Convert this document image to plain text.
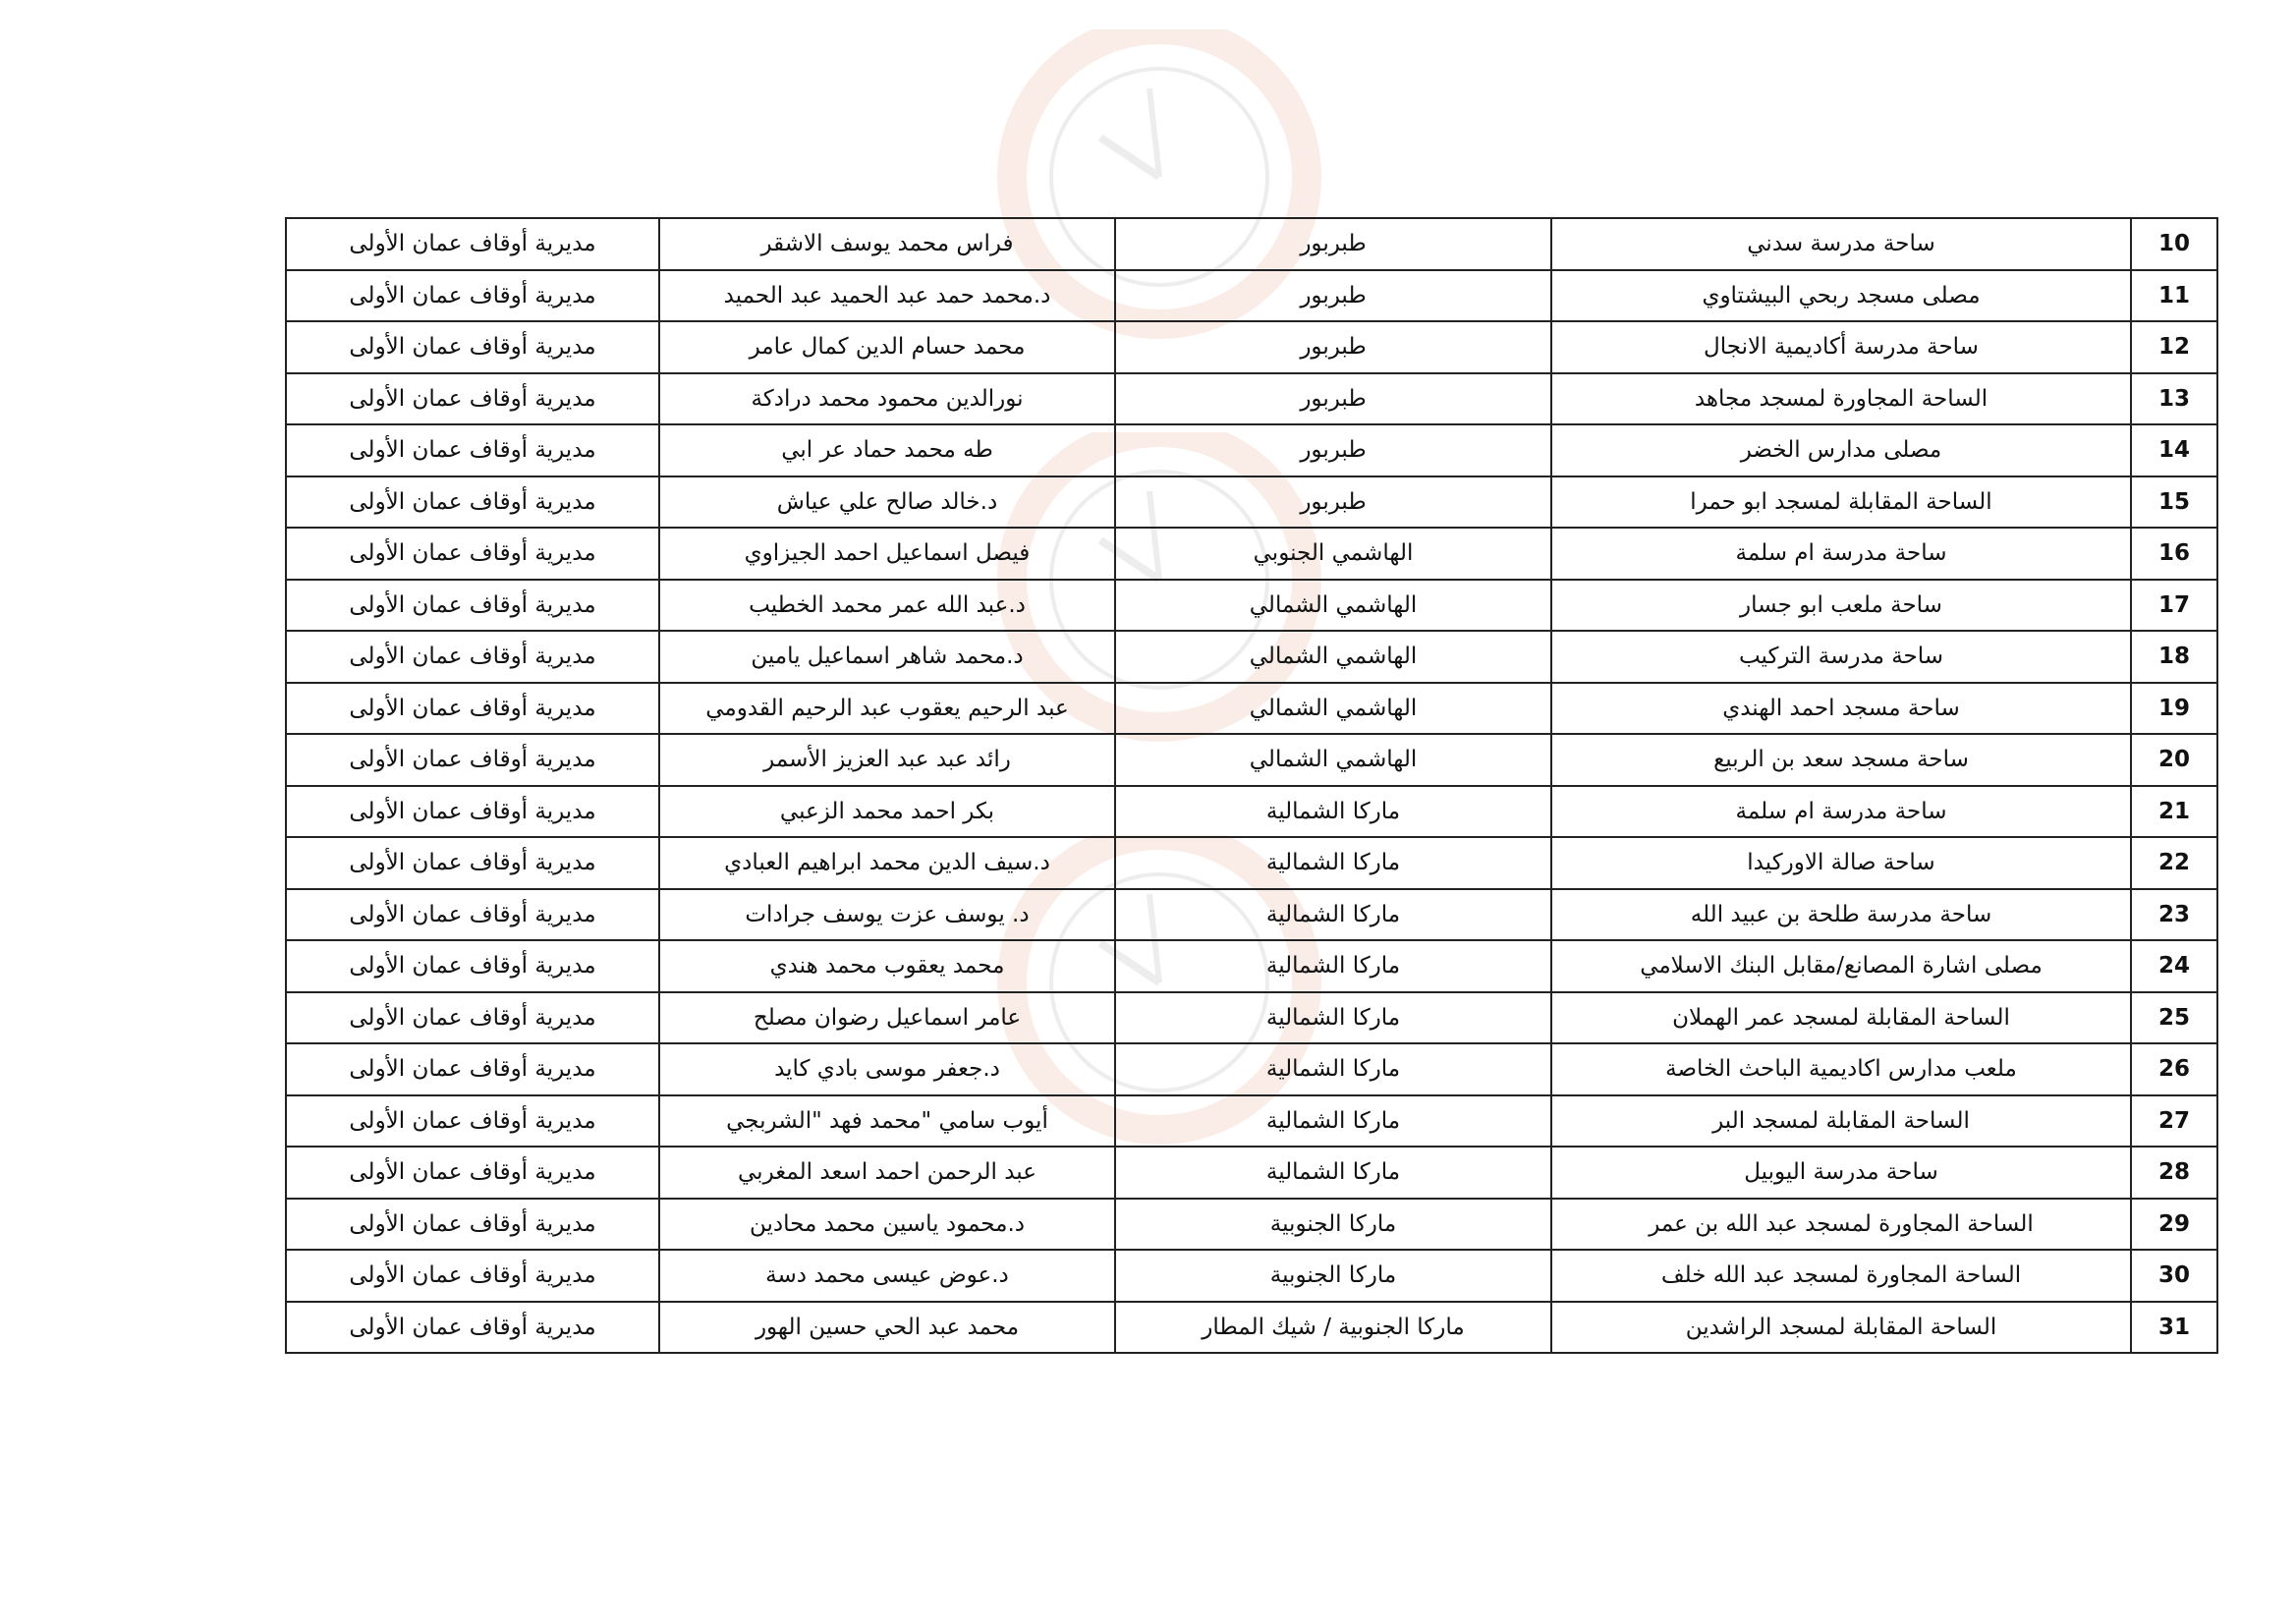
10	ساحة مدرسة سدني	طبربور	فراس محمد يوسف الاشقر	مديرية أوقاف عمان الأولى
11	مصلى مسجد ربحي البيشتاوي	طبربور	د.محمد حمد عبد الحميد عبد الحميد	مديرية أوقاف عمان الأولى
12	ساحة مدرسة أكاديمية الانجال	طبربور	محمد حسام الدين كمال عامر	مديرية أوقاف عمان الأولى
13	الساحة المجاورة لمسجد مجاهد	طبربور	نورالدين محمود محمد درادكة	مديرية أوقاف عمان الأولى
14	مصلى مدارس الخضر	طبربور	طه محمد حماد عر ابي	مديرية أوقاف عمان الأولى
15	الساحة المقابلة لمسجد ابو حمرا	طبربور	د.خالد صالح علي عياش	مديرية أوقاف عمان الأولى
16	ساحة مدرسة ام سلمة	الهاشمي الجنوبي	فيصل اسماعيل احمد الجيزاوي	مديرية أوقاف عمان الأولى
17	ساحة ملعب ابو جسار	الهاشمي الشمالي	د.عبد الله عمر محمد الخطيب	مديرية أوقاف عمان الأولى
18	ساحة مدرسة التركيب	الهاشمي الشمالي	د.محمد شاهر اسماعيل يامين	مديرية أوقاف عمان الأولى
19	ساحة مسجد احمد الهندي	الهاشمي الشمالي	عبد الرحيم يعقوب عبد الرحيم القدومي	مديرية أوقاف عمان الأولى
20	ساحة مسجد سعد بن الربيع	الهاشمي الشمالي	رائد عبد عبد العزيز الأسمر	مديرية أوقاف عمان الأولى
21	ساحة مدرسة ام سلمة	ماركا الشمالية	بكر احمد محمد الزعبي	مديرية أوقاف عمان الأولى
22	ساحة صالة الاوركيدا	ماركا الشمالية	د.سيف الدين محمد ابراهيم العبادي	مديرية أوقاف عمان الأولى
23	ساحة مدرسة طلحة بن عبيد الله	ماركا الشمالية	د. يوسف عزت يوسف جرادات	مديرية أوقاف عمان الأولى
24	مصلى اشارة المصانع/مقابل البنك الاسلامي	ماركا الشمالية	محمد يعقوب محمد هندي	مديرية أوقاف عمان الأولى
25	الساحة المقابلة لمسجد عمر الهملان	ماركا الشمالية	عامر اسماعيل رضوان مصلح	مديرية أوقاف عمان الأولى
26	ملعب مدارس اكاديمية الباحث الخاصة	ماركا الشمالية	د.جعفر موسى بادي كايد	مديرية أوقاف عمان الأولى
27	الساحة المقابلة لمسجد البر	ماركا الشمالية	أيوب سامي "محمد فهد "الشربجي	مديرية أوقاف عمان الأولى
28	ساحة مدرسة اليوبيل	ماركا الشمالية	عبد الرحمن احمد اسعد المغربي	مديرية أوقاف عمان الأولى
29	الساحة المجاورة لمسجد عبد الله بن عمر	ماركا الجنوبية	د.محمود ياسين محمد محادين	مديرية أوقاف عمان الأولى
30	الساحة المجاورة لمسجد عبد الله خلف	ماركا الجنوبية	د.عوض عيسى محمد دسة	مديرية أوقاف عمان الأولى
31	الساحة المقابلة لمسجد الراشدين	ماركا الجنوبية / شيك المطار	محمد عبد الحي حسين الهور	مديرية أوقاف عمان الأولى
